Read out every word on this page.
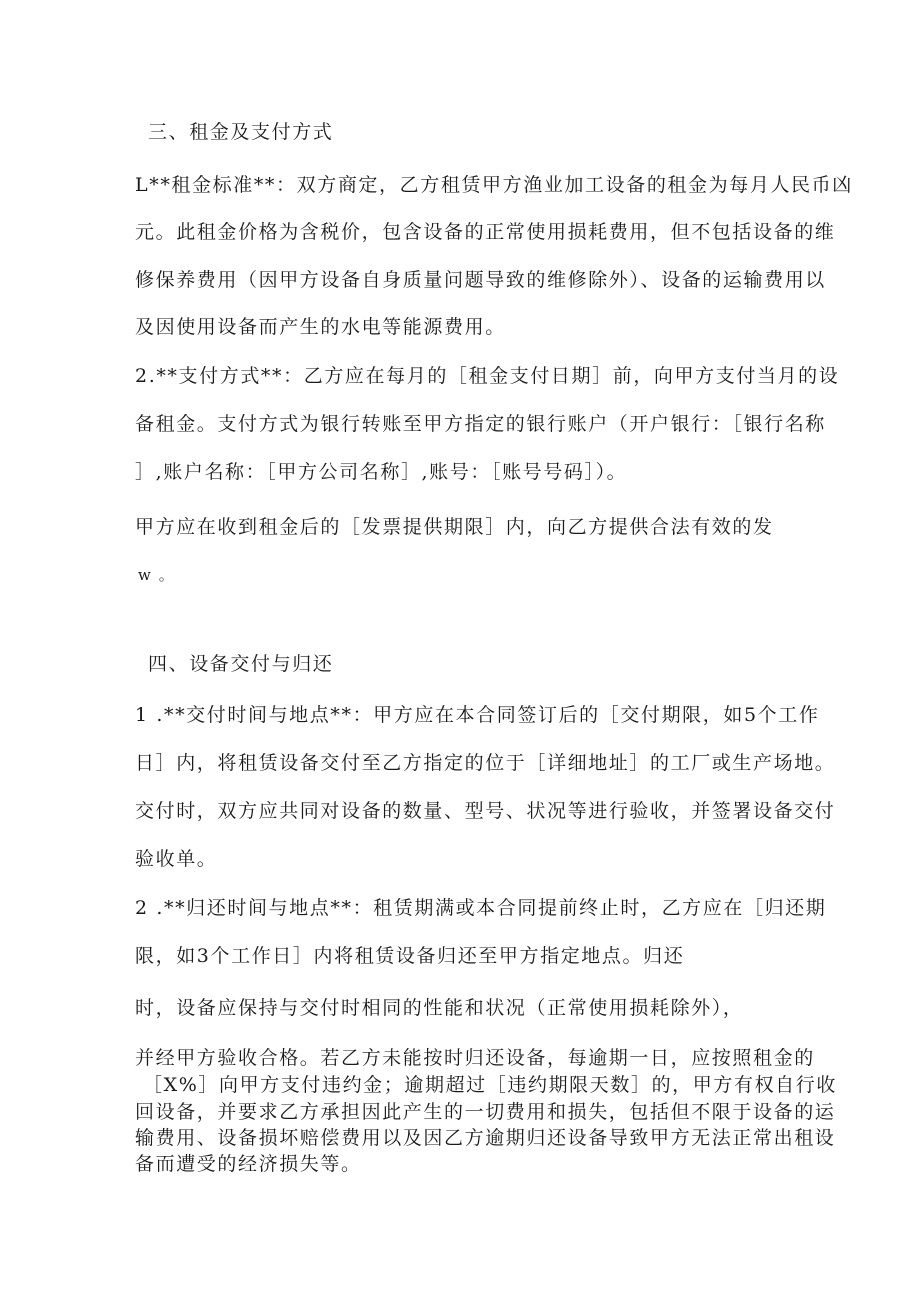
三、租金及支付方式
L**租金标准**：双方商定，乙方租赁甲方渔业加工设备的租金为每月人民币凶
元。此租金价格为含税价，包含设备的正常使用损耗费用，但不包括设备的维
修保养费用（因甲方设备自身质量问题导致的维修除外）、设备的运输费用以
及因使用设备而产生的水电等能源费用。
2.**支付方式**：乙方应在每月的［租金支付日期］前，向甲方支付当月的设
备租金。支付方式为银行转账至甲方指定的银行账户（开户银行：［银行名称
］,账户名称：［甲方公司名称］,账号：［账号号码］）。
甲方应在收到租金后的［发票提供期限］内，向乙方提供合法有效的发
w 。
四、设备交付与归还
1 .**交付时间与地点**：甲方应在本合同签订后的［交付期限，如5个工作
日］内，将租赁设备交付至乙方指定的位于［详细地址］的工厂或生产场地。
交付时，双方应共同对设备的数量、型号、状况等进行验收，并签署设备交付
验收单。
2 .**归还时间与地点**：租赁期满或本合同提前终止时，乙方应在［归还期
限，如3个工作日］内将租赁设备归还至甲方指定地点。归还
时，设备应保持与交付时相同的性能和状况（正常使用损耗除外），
并经甲方验收合格。若乙方未能按时归还设备，每逾期一日，应按照租金的
［X%］向甲方支付违约金；逾期超过［违约期限天数］的，甲方有权自行收
回设备，并要求乙方承担因此产生的一切费用和损失，包括但不限于设备的运
输费用、设备损坏赔偿费用以及因乙方逾期归还设备导致甲方无法正常出租设
备而遭受的经济损失等。
